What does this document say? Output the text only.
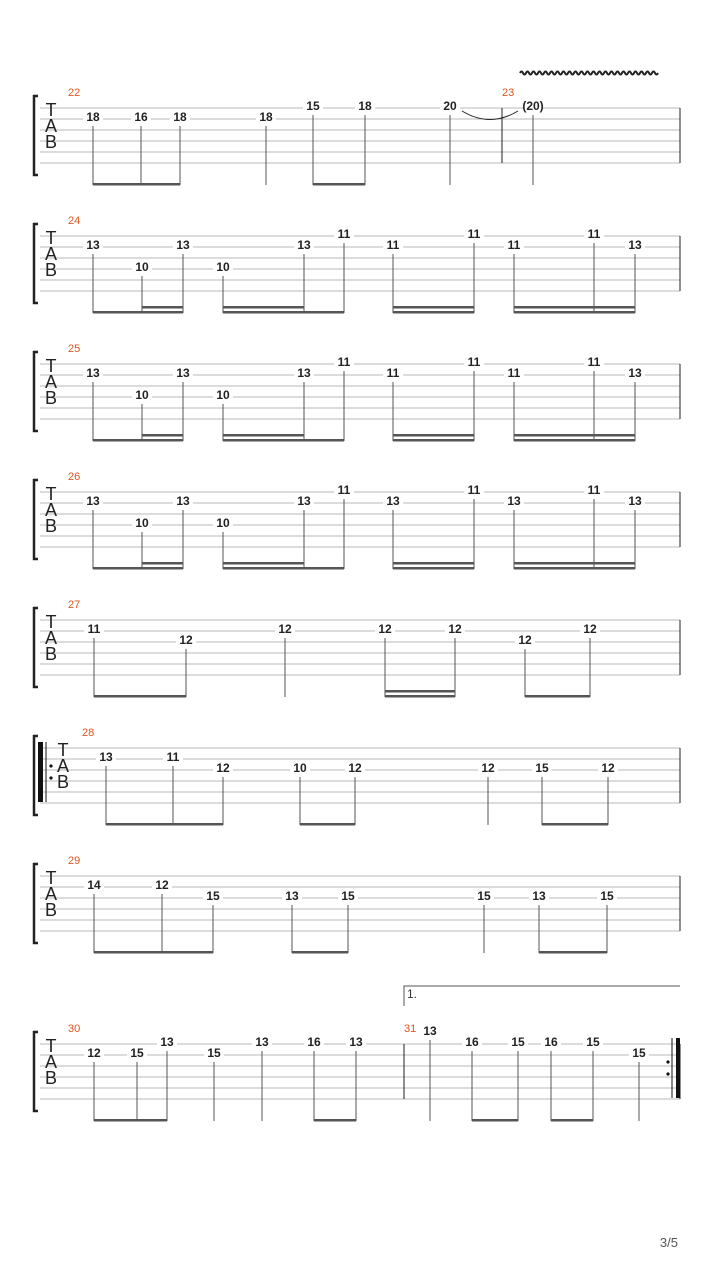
T
A
B
22	23
18	16 18	18
15	18	20	(20)
T
A
B
24
13
10
13
10
13
11
11
11
11
11
13
T
A
B
25
13
10
13
10
13
11
11
11
11
11
13
T
A
B
26
13
10
13
10
13
11
13
11
13
11
13
T
A
B
27
11
12
12	12	12
12
12
T
A
B
28
13	11
12	10	12	12	15	12
T
A
B
29
14	12
15	13	15	15	13	15
T
A
B
30	31
12 15
13
15
13	16 13
13
16	15 16 15
15
1.
3/5
